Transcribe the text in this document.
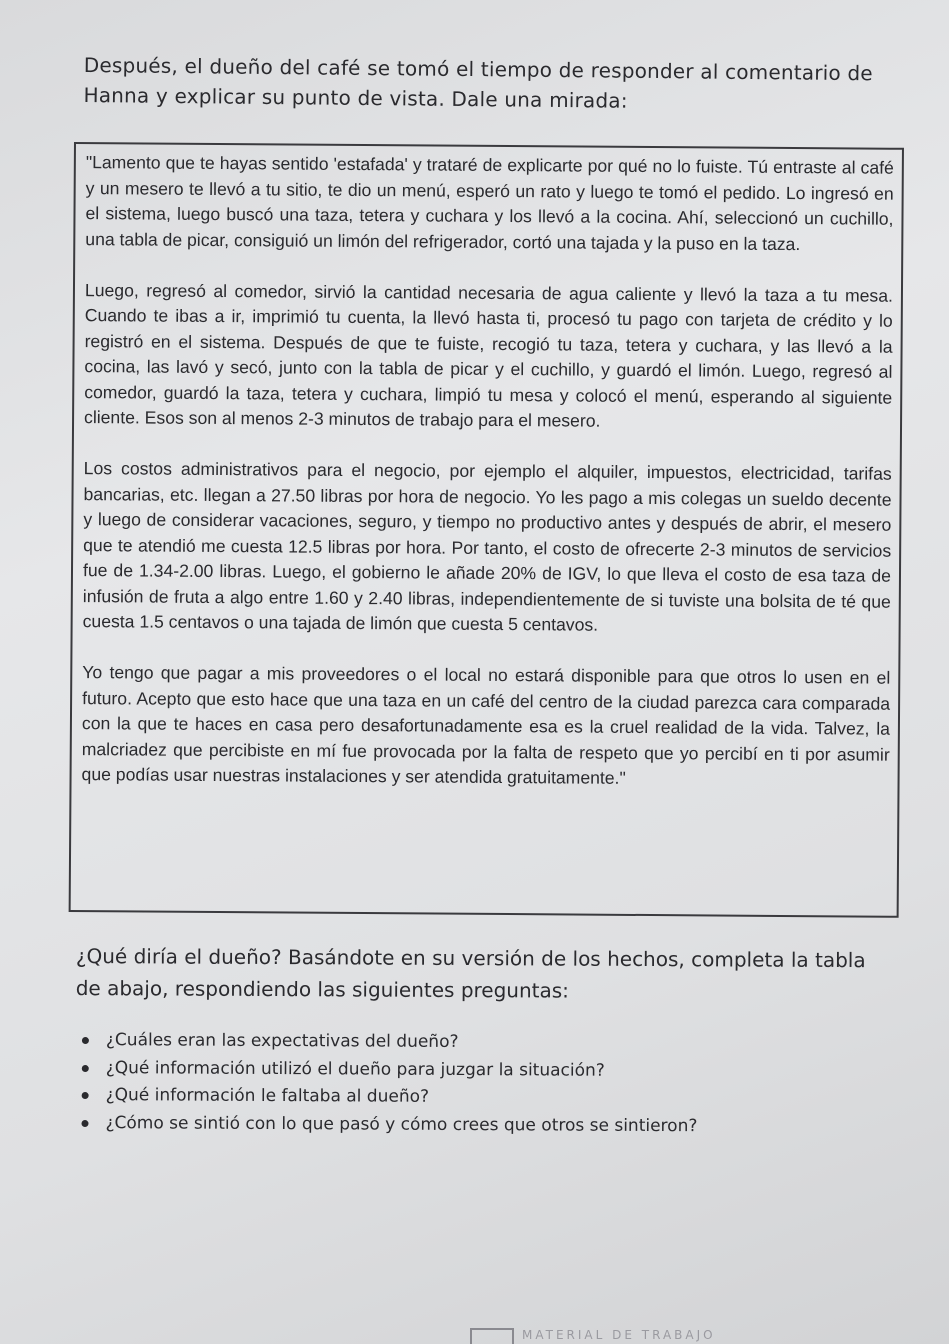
Después, el dueño del café se tomó el tiempo de responder al comentario de Hanna y explicar su punto de vista. Dale una mirada:

"Lamento que te hayas sentido 'estafada' y trataré de explicarte por qué no lo fuiste. Tú entraste al café y un mesero te llevó a tu sitio, te dio un menú, esperó un rato y luego te tomó el pedido. Lo ingresó en el sistema, luego buscó una taza, tetera y cuchara y los llevó a la cocina. Ahí, seleccionó un cuchillo, una tabla de picar, consiguió un limón del refrigerador, cortó una tajada y la puso en la taza.

Luego, regresó al comedor, sirvió la cantidad necesaria de agua caliente y llevó la taza a tu mesa. Cuando te ibas a ir, imprimió tu cuenta, la llevó hasta ti, procesó tu pago con tarjeta de crédito y lo registró en el sistema. Después de que te fuiste, recogió tu taza, tetera y cuchara, y las llevó a la cocina, las lavó y secó, junto con la tabla de picar y el cuchillo, y guardó el limón. Luego, regresó al comedor, guardó la taza, tetera y cuchara, limpió tu mesa y colocó el menú, esperando al siguiente cliente. Esos son al menos 2-3 minutos de trabajo para el mesero.

Los costos administrativos para el negocio, por ejemplo el alquiler, impuestos, electricidad, tarifas bancarias, etc. llegan a 27.50 libras por hora de negocio. Yo les pago a mis colegas un sueldo decente y luego de considerar vacaciones, seguro, y tiempo no productivo antes y después de abrir, el mesero que te atendió me cuesta 12.5 libras por hora. Por tanto, el costo de ofrecerte 2-3 minutos de servicios fue de 1.34-2.00 libras. Luego, el gobierno le añade 20% de IGV, lo que lleva el costo de esa taza de infusión de fruta a algo entre 1.60 y 2.40 libras, independientemente de si tuviste una bolsita de té que cuesta 1.5 centavos o una tajada de limón que cuesta 5 centavos.

Yo tengo que pagar a mis proveedores o el local no estará disponible para que otros lo usen en el futuro. Acepto que esto hace que una taza en un café del centro de la ciudad parezca cara comparada con la que te haces en casa pero desafortunadamente esa es la cruel realidad de la vida. Talvez, la malcriadez que percibiste en mí fue provocada por la falta de respeto que yo percibí en ti por asumir que podías usar nuestras instalaciones y ser atendida gratuitamente."

¿Qué diría el dueño? Basándote en su versión de los hechos, completa la tabla de abajo, respondiendo las siguientes preguntas:
¿Cuáles eran las expectativas del dueño?
¿Qué información utilizó el dueño para juzgar la situación?
¿Qué información le faltaba al dueño?
¿Cómo se sintió con lo que pasó y cómo crees que otros se sintieron?
MATERIAL DE TRABAJO
